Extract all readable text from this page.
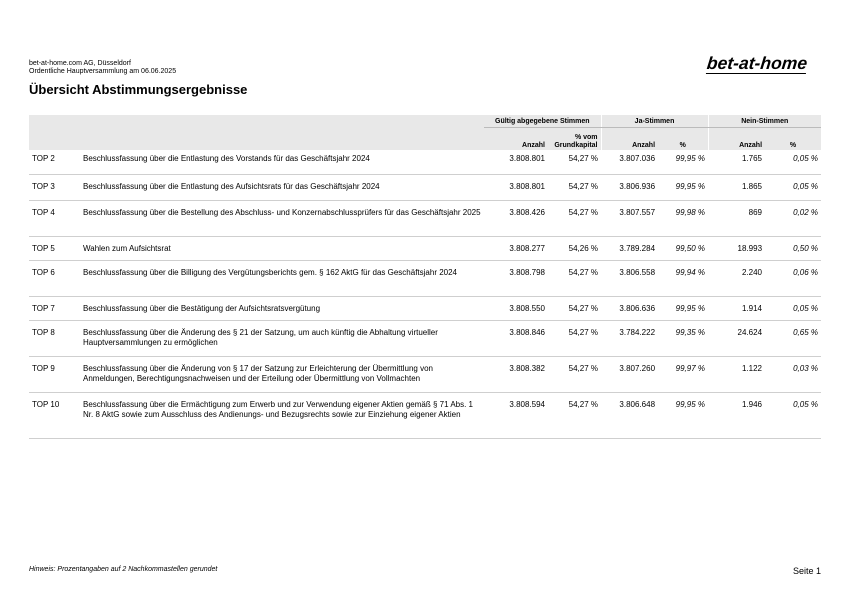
bet-at-home.com AG, Düsseldorf
Ordentliche Hauptversammlung am 06.06.2025	bet-at-home
Übersicht Abstimmungsergebnisse
		Gültig abgegebene Stimmen		Ja-Stimmen		Nein-Stimmen	
		Anzahl	% vom Grundkapital	Anzahl	%	Anzahl	%
TOP 2	Beschlussfassung über die Entlastung des Vorstands für das Geschäftsjahr 2024	3.808.801	54,27 %	3.807.036	99,95 %	1.765	0,05 %
TOP 3	Beschlussfassung über die Entlastung des Aufsichtsrats für das Geschäftsjahr 2024	3.808.801	54,27 %	3.806.936	99,95 %	1.865	0,05 %
TOP 4	Beschlussfassung über die Bestellung des Abschluss- und Konzernabschlussprüfers für das Geschäftsjahr 2025	3.808.426	54,27 %	3.807.557	99,98 %	869	0,02 %
TOP 5	Wahlen zum Aufsichtsrat	3.808.277	54,26 %	3.789.284	99,50 %	18.993	0,50 %
TOP 6	Beschlussfassung über die Billigung des Vergütungsberichts gem. § 162 AktG für das Geschäftsjahr 2024	3.808.798	54,27 %	3.806.558	99,94 %	2.240	0,06 %
TOP 7	Beschlussfassung über die Bestätigung der Aufsichtsratsvergütung	3.808.550	54,27 %	3.806.636	99,95 %	1.914	0,05 %
TOP 8	Beschlussfassung über die Änderung des § 21 der Satzung, um auch künftig die Abhaltung virtueller Hauptversammlungen zu ermöglichen	3.808.846	54,27 %	3.784.222	99,35 %	24.624	0,65 %
TOP 9	Beschlussfassung über die Änderung von § 17 der Satzung zur Erleichterung der Übermittlung von Anmeldungen, Berechtigungsnachweisen und der Erteilung oder Übermittlung von Vollmachten	3.808.382	54,27 %	3.807.260	99,97 %	1.122	0,03 %
TOP 10	Beschlussfassung über die Ermächtigung zum Erwerb und zur Verwendung eigener Aktien gemäß § 71 Abs. 1 Nr. 8 AktG sowie zum Ausschluss des Andienungs- und Bezugsrechts sowie zur Einziehung eigener Aktien	3.808.594	54,27 %	3.806.648	99,95 %	1.946	0,05 %
Hinweis: Prozentangaben auf 2 Nachkommastellen gerundet	Seite 1
